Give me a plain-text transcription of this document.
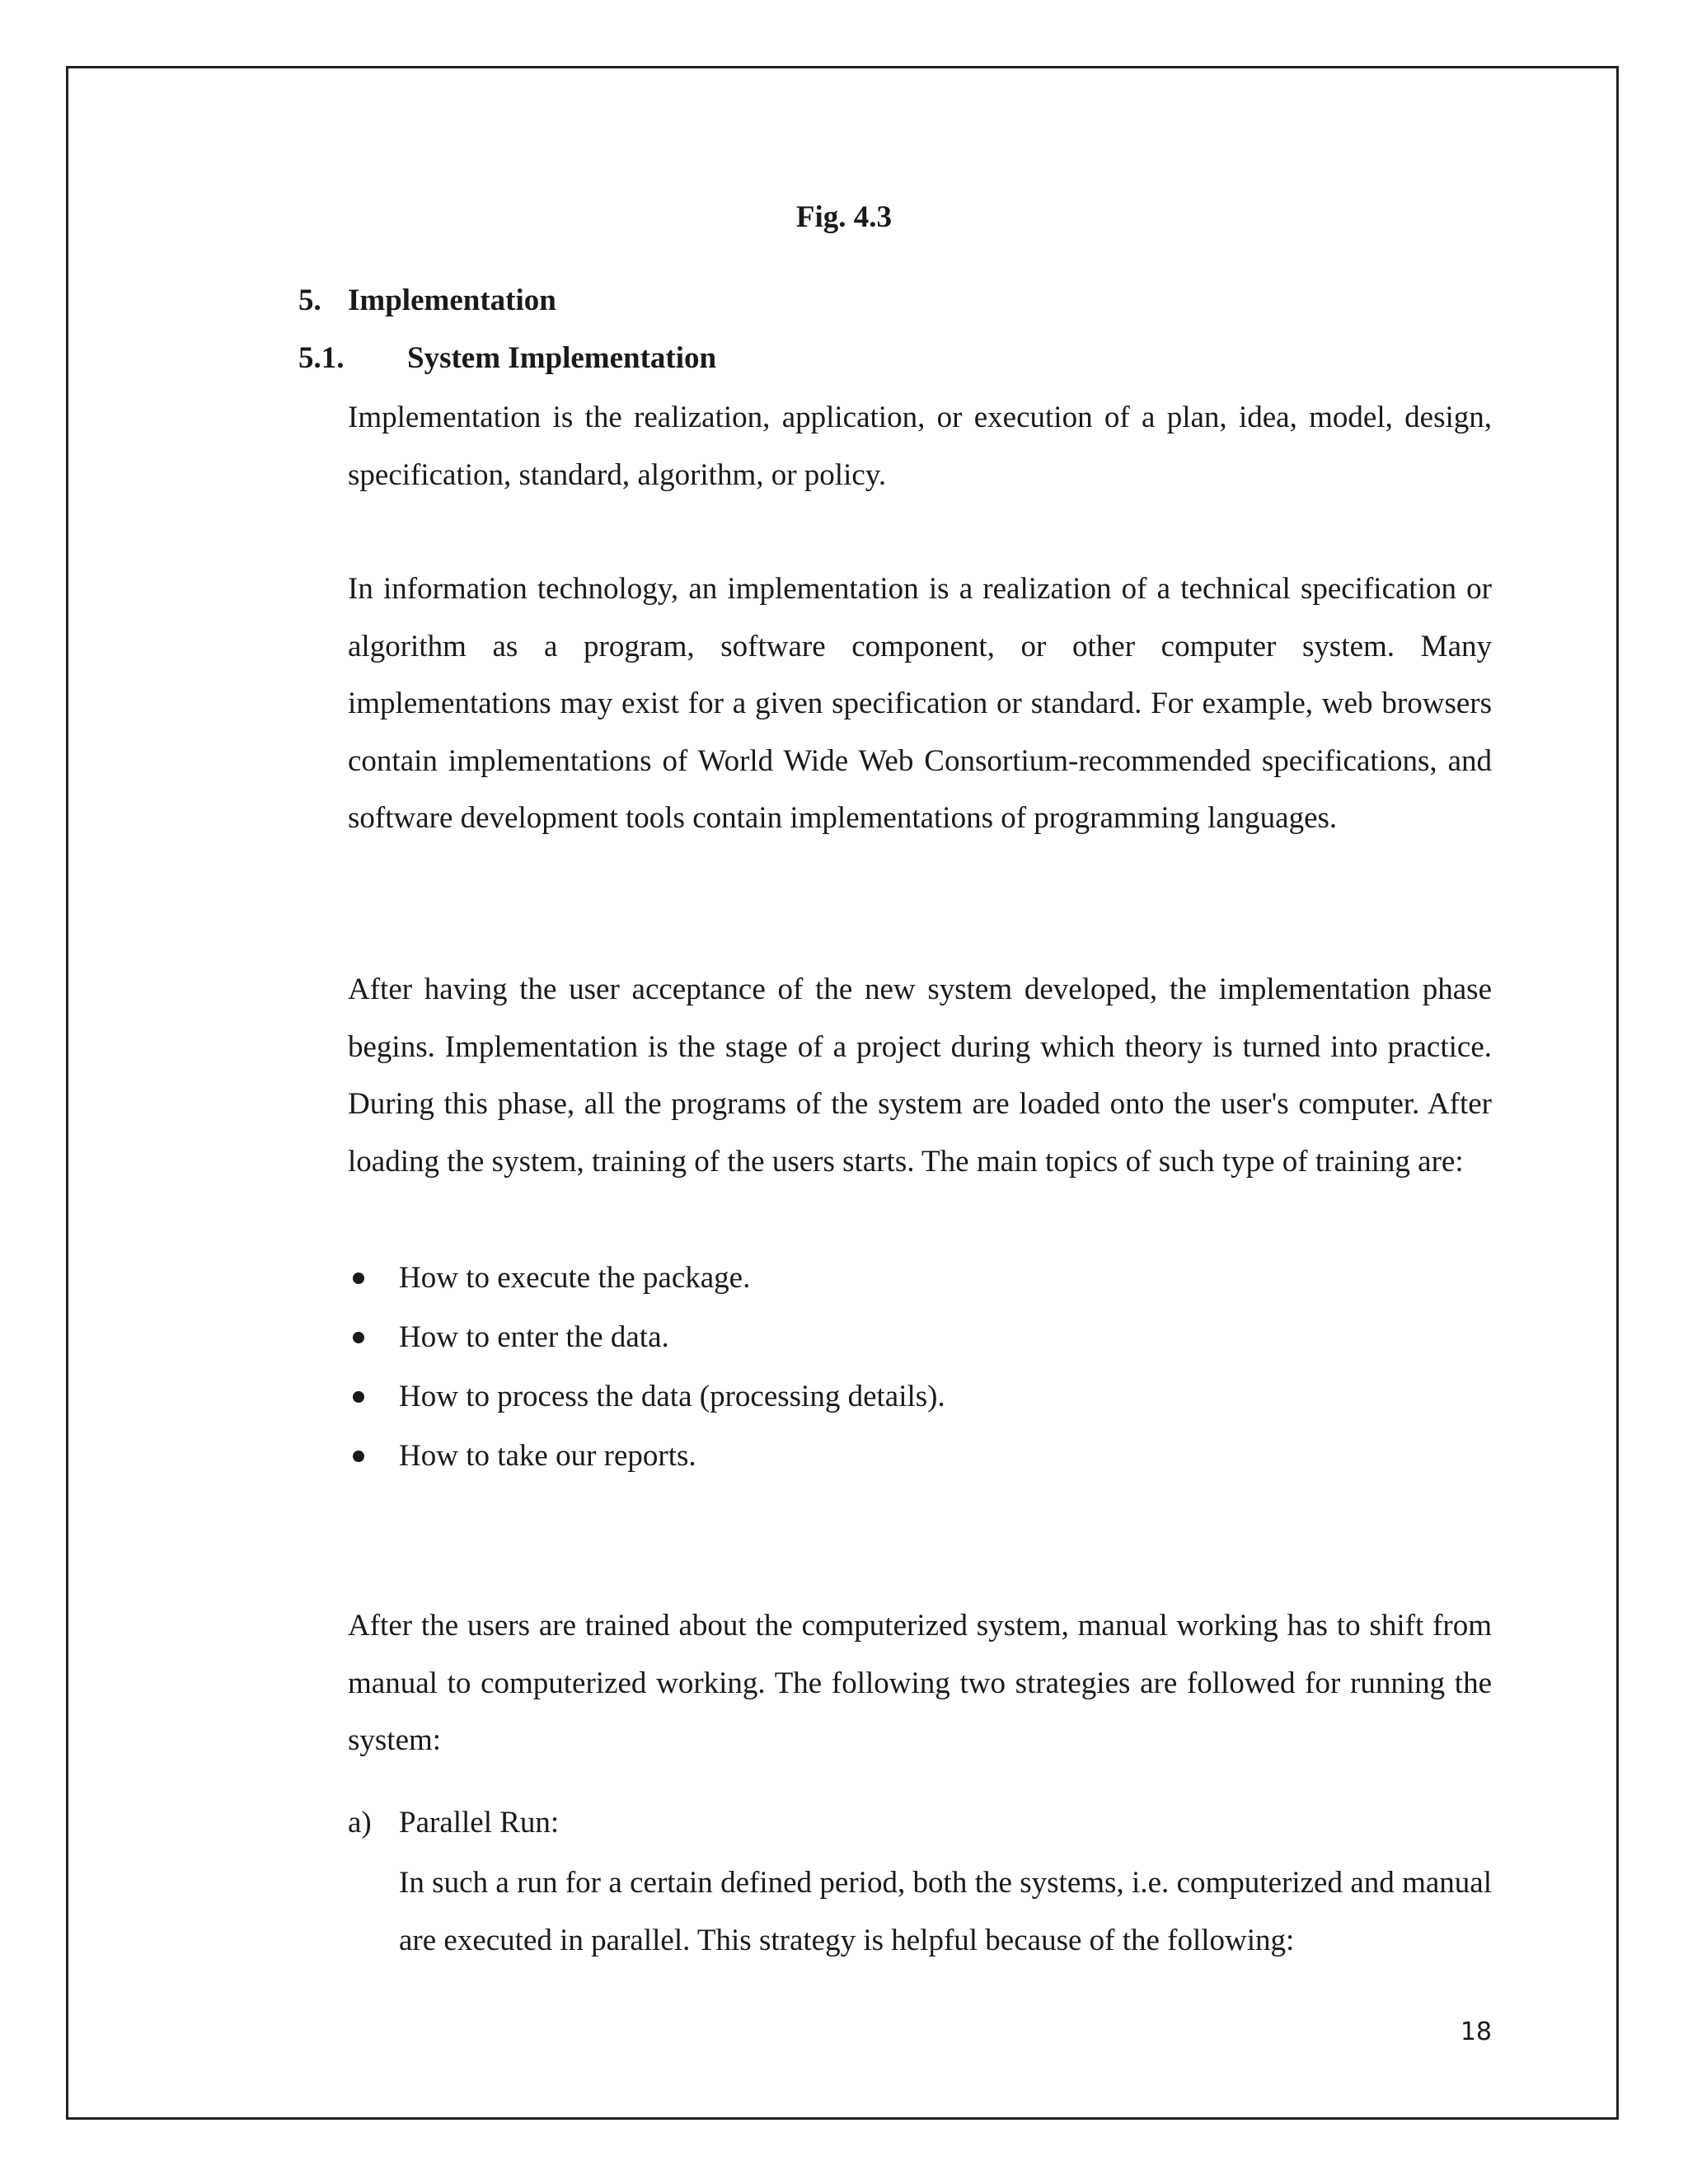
Fig. 4.3
5. Implementation
5.1. System Implementation
Implementation is the realization, application, or execution of a plan, idea, model, design, specification, standard, algorithm, or policy.
In information technology, an implementation is a realization of a technical specification or algorithm as a program, software component, or other computer system. Many implementations may exist for a given specification or standard. For example, web browsers contain implementations of World Wide Web Consortium-recommended specifications, and software development tools contain implementations of programming languages.
After having the user acceptance of the new system developed, the implementation phase begins. Implementation is the stage of a project during which theory is turned into practice. During this phase, all the programs of the system are loaded onto the user's computer. After loading the system, training of the users starts. The main topics of such type of training are:
How to execute the package.
How to enter the data.
How to process the data (processing details).
How to take our reports.
After the users are trained about the computerized system, manual working has to shift from manual to computerized working. The following two strategies are followed for running the system:
a) Parallel Run:
In such a run for a certain defined period, both the systems, i.e. computerized and manual are executed in parallel. This strategy is helpful because of the following:
18
